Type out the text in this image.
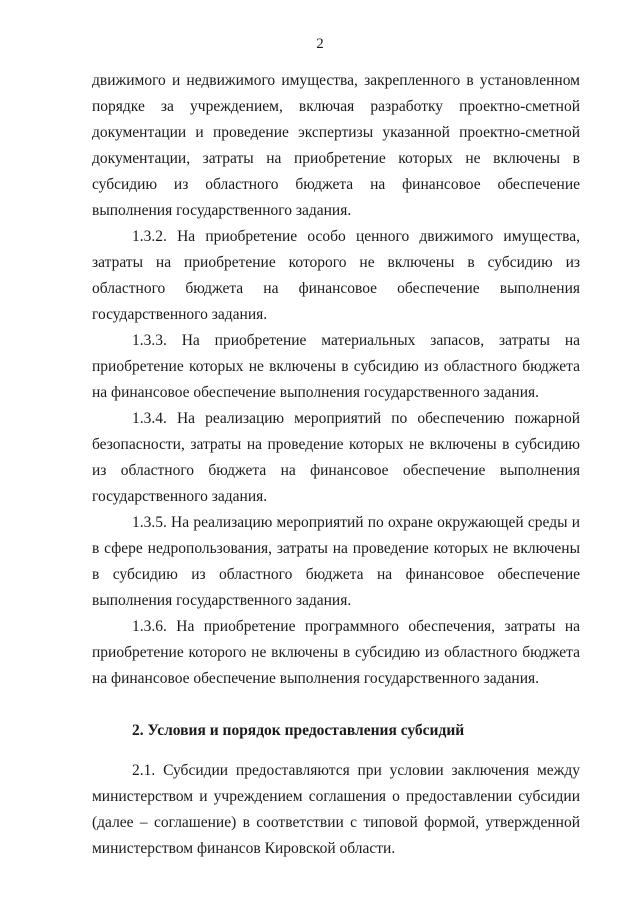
2

движимого и недвижимого имущества, закрепленного в установленном порядке за учреждением, включая разработку проектно-сметной документации и проведение экспертизы указанной проектно-сметной документации, затраты на приобретение которых не включены в субсидию из областного бюджета на финансовое обеспечение выполнения государственного задания.

1.3.2. На приобретение особо ценного движимого имущества, затраты на приобретение которого не включены в субсидию из областного бюджета на финансовое обеспечение выполнения государственного задания.

1.3.3. На приобретение материальных запасов, затраты на приобретение которых не включены в субсидию из областного бюджета на финансовое обеспечение выполнения государственного задания.

1.3.4. На реализацию мероприятий по обеспечению пожарной безопасности, затраты на проведение которых не включены в субсидию из областного бюджета на финансовое обеспечение выполнения государственного задания.

1.3.5. На реализацию мероприятий по охране окружающей среды и в сфере недропользования, затраты на проведение которых не включены в субсидию из областного бюджета на финансовое обеспечение выполнения государственного задания.

1.3.6. На приобретение программного обеспечения, затраты на приобретение которого не включены в субсидию из областного бюджета на финансовое обеспечение выполнения государственного задания.

2. Условия и порядок предоставления субсидий

2.1. Субсидии предоставляются при условии заключения между министерством и учреждением соглашения о предоставлении субсидии (далее – соглашение) в соответствии с типовой формой, утвержденной министерством финансов Кировской области.
